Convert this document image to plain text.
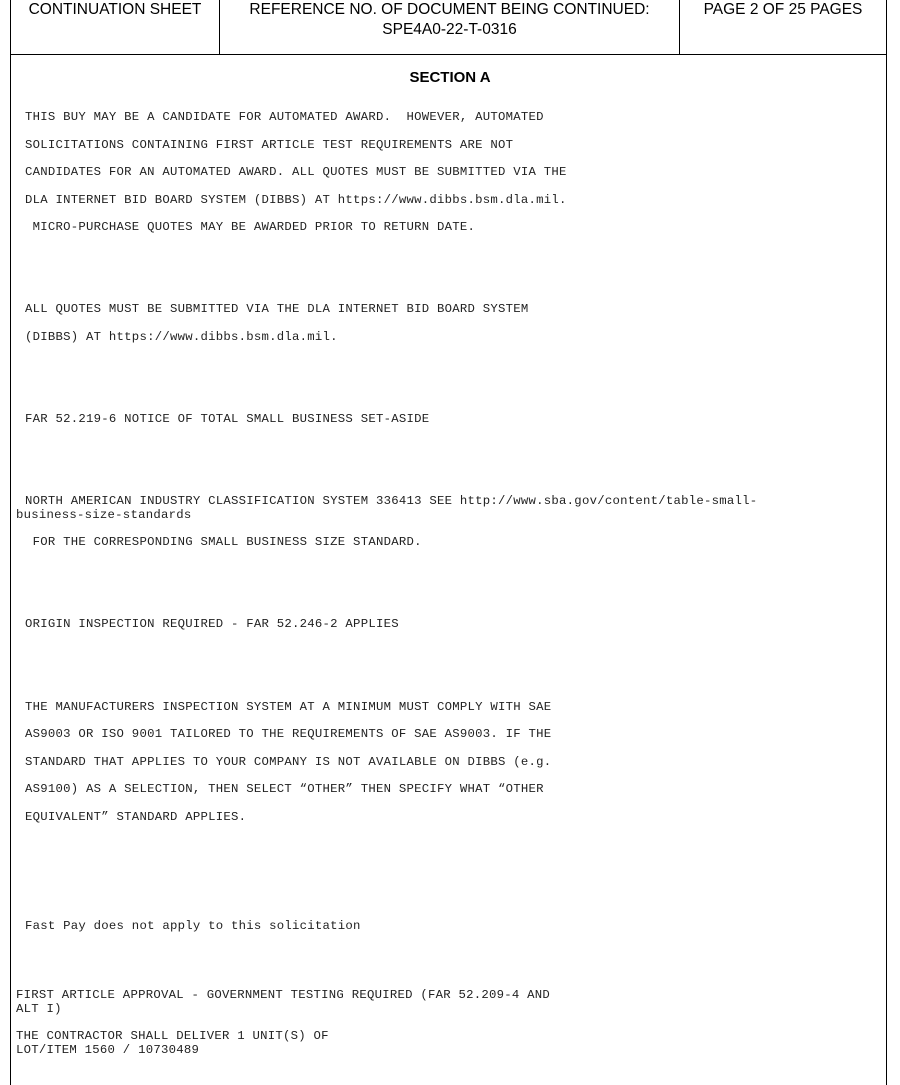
CONTINUATION SHEET	REFERENCE NO. OF DOCUMENT BEING CONTINUED:
SPE4A0-22-T-0316
PAGE 2 OF 25 PAGES
SECTION A
THIS BUY MAY BE A CANDIDATE FOR AUTOMATED AWARD.  HOWEVER, AUTOMATED
SOLICITATIONS CONTAINING FIRST ARTICLE TEST REQUIREMENTS ARE NOT
CANDIDATES FOR AN AUTOMATED AWARD. ALL QUOTES MUST BE SUBMITTED VIA THE
DLA INTERNET BID BOARD SYSTEM (DIBBS) AT https://www.dibbs.bsm.dla.mil.
MICRO-PURCHASE QUOTES MAY BE AWARDED PRIOR TO RETURN DATE.
ALL QUOTES MUST BE SUBMITTED VIA THE DLA INTERNET BID BOARD SYSTEM
(DIBBS) AT https://www.dibbs.bsm.dla.mil.
FAR 52.219-6 NOTICE OF TOTAL SMALL BUSINESS SET-ASIDE
NORTH AMERICAN INDUSTRY CLASSIFICATION SYSTEM 336413 SEE http://www.sba.gov/content/table-small-
business-size-standards
FOR THE CORRESPONDING SMALL BUSINESS SIZE STANDARD.
ORIGIN INSPECTION REQUIRED - FAR 52.246-2 APPLIES
THE MANUFACTURERS INSPECTION SYSTEM AT A MINIMUM MUST COMPLY WITH SAE
AS9003 OR ISO 9001 TAILORED TO THE REQUIREMENTS OF SAE AS9003. IF THE
STANDARD THAT APPLIES TO YOUR COMPANY IS NOT AVAILABLE ON DIBBS (e.g.
AS9100) AS A SELECTION, THEN SELECT “OTHER” THEN SPECIFY WHAT “OTHER
EQUIVALENT” STANDARD APPLIES.
Fast Pay does not apply to this solicitation
FIRST ARTICLE APPROVAL - GOVERNMENT TESTING REQUIRED (FAR 52.209-4 AND
ALT I)
THE CONTRACTOR SHALL DELIVER 1 UNIT(S) OF
LOT/ITEM 1560 / 10730489
